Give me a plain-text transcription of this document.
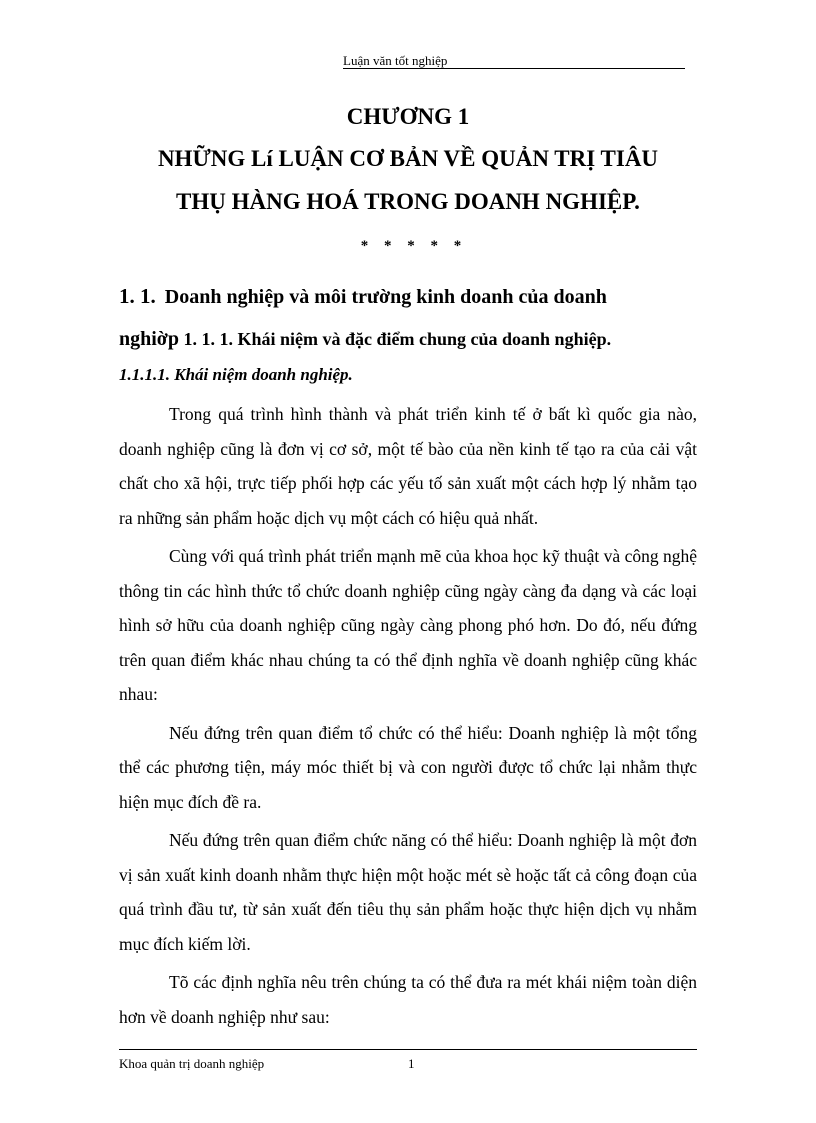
Luận văn tốt nghiệp
CHƯƠNG 1
NHỮNG Lí LUẬN CƠ BẢN VỀ QUẢN TRỊ TIÂU
THỤ HÀNG HOÁ TRONG DOANH NGHIỆP.
* * * * *
1. 1. Doanh nghiệp và môi trường kinh doanh của doanh
nghiờp 1. 1. 1. Khái niệm và đặc điểm chung của doanh nghiệp.
1.1.1.1. Khái niệm doanh nghiệp.

Trong quá trình hình thành và phát triển kinh tế ở bất kì quốc gia nào, doanh nghiệp cũng là đơn vị cơ sở, một tế bào của nền kinh tế tạo ra của cải vật chất cho xã hội, trực tiếp phối hợp các yếu tố sản xuất một cách hợp lý nhằm tạo ra những sản phẩm hoặc dịch vụ một cách có hiệu quả nhất.

Cùng với quá trình phát triển mạnh mẽ của khoa học kỹ thuật và công nghệ thông tin các hình thức tổ chức doanh nghiệp cũng ngày càng đa dạng và các loại hình sở hữu của doanh nghiệp cũng ngày càng phong phó hơn. Do đó, nếu đứng trên quan điểm khác nhau chúng ta có thể định nghĩa về doanh nghiệp cũng khác nhau:

Nếu đứng trên quan điểm tổ chức có thể hiểu: Doanh nghiệp là một tổng thể các phương tiện, máy móc thiết bị và con người được tổ chức lại nhằm thực hiện mục đích đề ra.

Nếu đứng trên quan điểm chức năng có thể hiểu: Doanh nghiệp là một đơn vị sản xuất kinh doanh nhằm thực hiện một hoặc mét sè hoặc tất cả công đoạn của quá trình đầu tư, từ sản xuất đến tiêu thụ sản phẩm hoặc thực hiện dịch vụ nhằm mục đích kiếm lời.

Tõ các định nghĩa nêu trên chúng ta có thể đưa ra mét khái niệm toàn diện hơn về doanh nghiệp như sau:

Khoa quản trị doanh nghiệp	1
